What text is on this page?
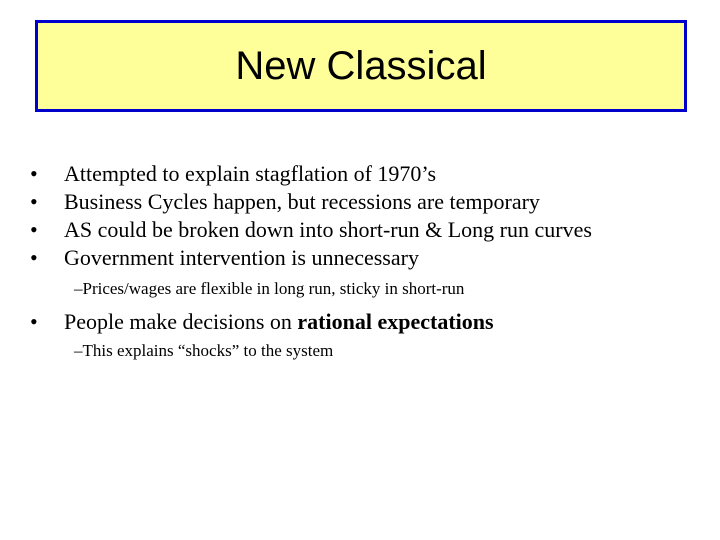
New Classical
• Attempted to explain stagflation of 1970’s
• Business Cycles happen, but recessions are temporary
• AS could be broken down into short-run & Long run curves
• Government intervention is unnecessary
–Prices/wages are flexible in long run, sticky in short-run
• People make decisions on rational expectations
–This explains “shocks” to the system
